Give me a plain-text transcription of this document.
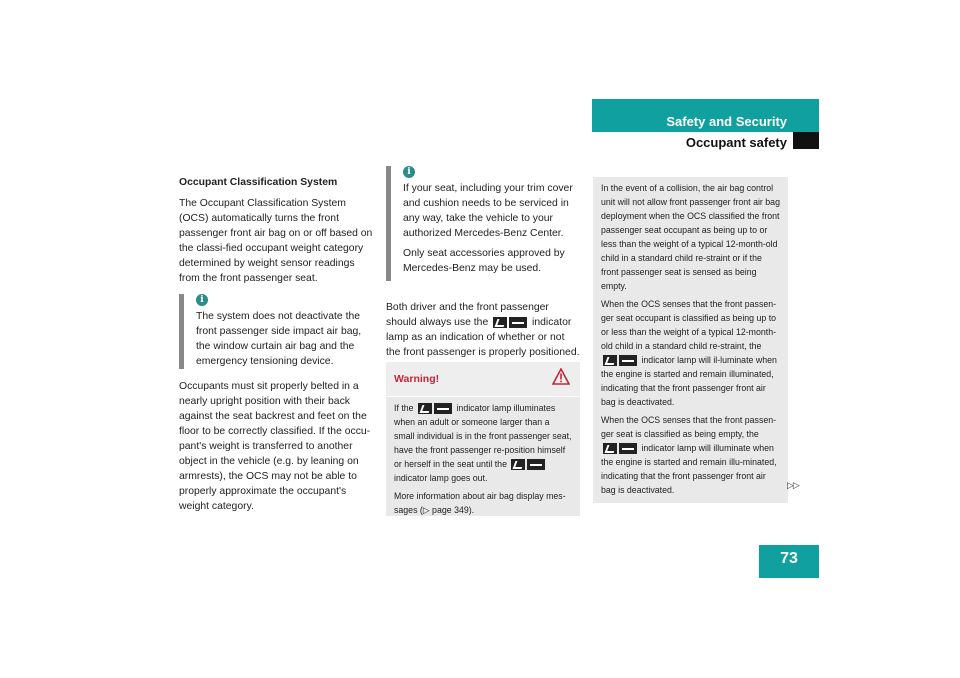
Safety and Security
Occupant safety

Occupant Classification System

The Occupant Classification System (OCS) automatically turns the front passenger front air bag on or off based on the classi-fied occupant weight category determined by weight sensor readings from the front passenger seat.

i
The system does not deactivate the front passenger side impact air bag, the window curtain air bag and the emergency tensioning device.

Occupants must sit properly belted in a nearly upright position with their back against the seat backrest and feet on the floor to be correctly classified. If the occu-pant's weight is transferred to another object in the vehicle (e.g. by leaning on armrests), the OCS may not be able to properly approximate the occupant's weight category.

i

If your seat, including your trim cover and cushion needs to be serviced in any way, take the vehicle to your authorized Mercedes-Benz Center.

Only seat accessories approved by Mercedes-Benz may be used.

Both driver and the front passenger should always use the	indicator lamp as an indication of whether or not the front passenger is properly positioned.

Warning!

If the	indicator lamp illuminates when an adult or someone larger than a small individual is in the front passenger seat, have the front passenger re-position himself or herself in the seat until the  indicator lamp goes out.

More information about air bag display mes-sages (▷ page 349).

In the event of a collision, the air bag control unit will not allow front passenger front air bag deployment when the OCS classified the front passenger seat occupant as being up to or less than the weight of a typical 12-month-old child in a standard child re-straint or if the front passenger seat is sensed as being empty.

When the OCS senses that the front passen-ger seat occupant is classified as being up to or less than the weight of a typical 12-month-old child in a standard child re-straint, the  indicator lamp will il-luminate when the engine is started and remain illuminated, indicating that the front passenger front air bag is deactivated.

When the OCS senses that the front passen-ger seat is classified as being empty, the  indicator lamp will illuminate when the engine is started and remain illu-minated, indicating that the front passenger front air bag is deactivated.	▷▷
73
